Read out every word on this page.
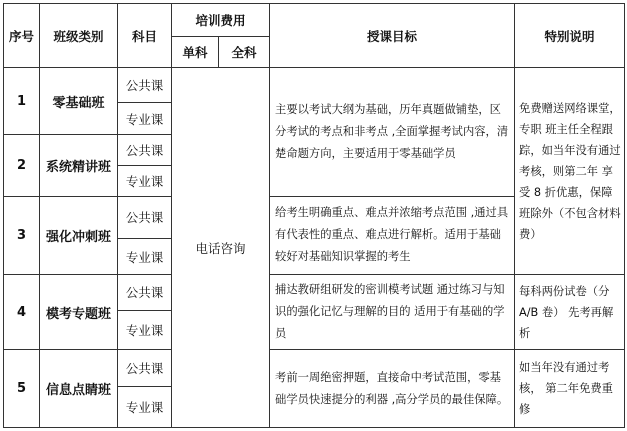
序号	班级类别	科目	培训费用		授课目标	特别说明
			单科	全科		
1	零基础班	公共课	电话咨询		主要以考试大纲为基础，历年真题做铺垫，区分考试的考点和非考点 ,全面掌握考试内容，清楚命题方向，主要适用于零基础学员	免费赠送网络课堂，专职 班主任全程跟踪，如当年没有通过考核，则第二年 享受 8 折优惠，保障班除外（不包含材料费）
		专业课				
2	系统精讲班	公共课				
		专业课				
3	强化冲刺班	公共课			给考生明确重点、难点并浓缩考点范围 ,通过具有代表性的重点、难点进行解析。适用于基础较好对基础知识掌握的考生	
		专业课				
4	模考专题班	公共课			捕达教研组研发的密训模考试题 通过练习与知识的强化记忆与理解的目的 适用于有基础的学员	每科两份试卷（分 A/B 卷） 先考再解析
		专业课				
5	信息点睛班	公共课			考前一周绝密押题，直接命中考试范围，零基础学员快速提分的利器 ,高分学员的最佳保障。	如当年没有通过考核， 第二年免费重修
		专业课				
